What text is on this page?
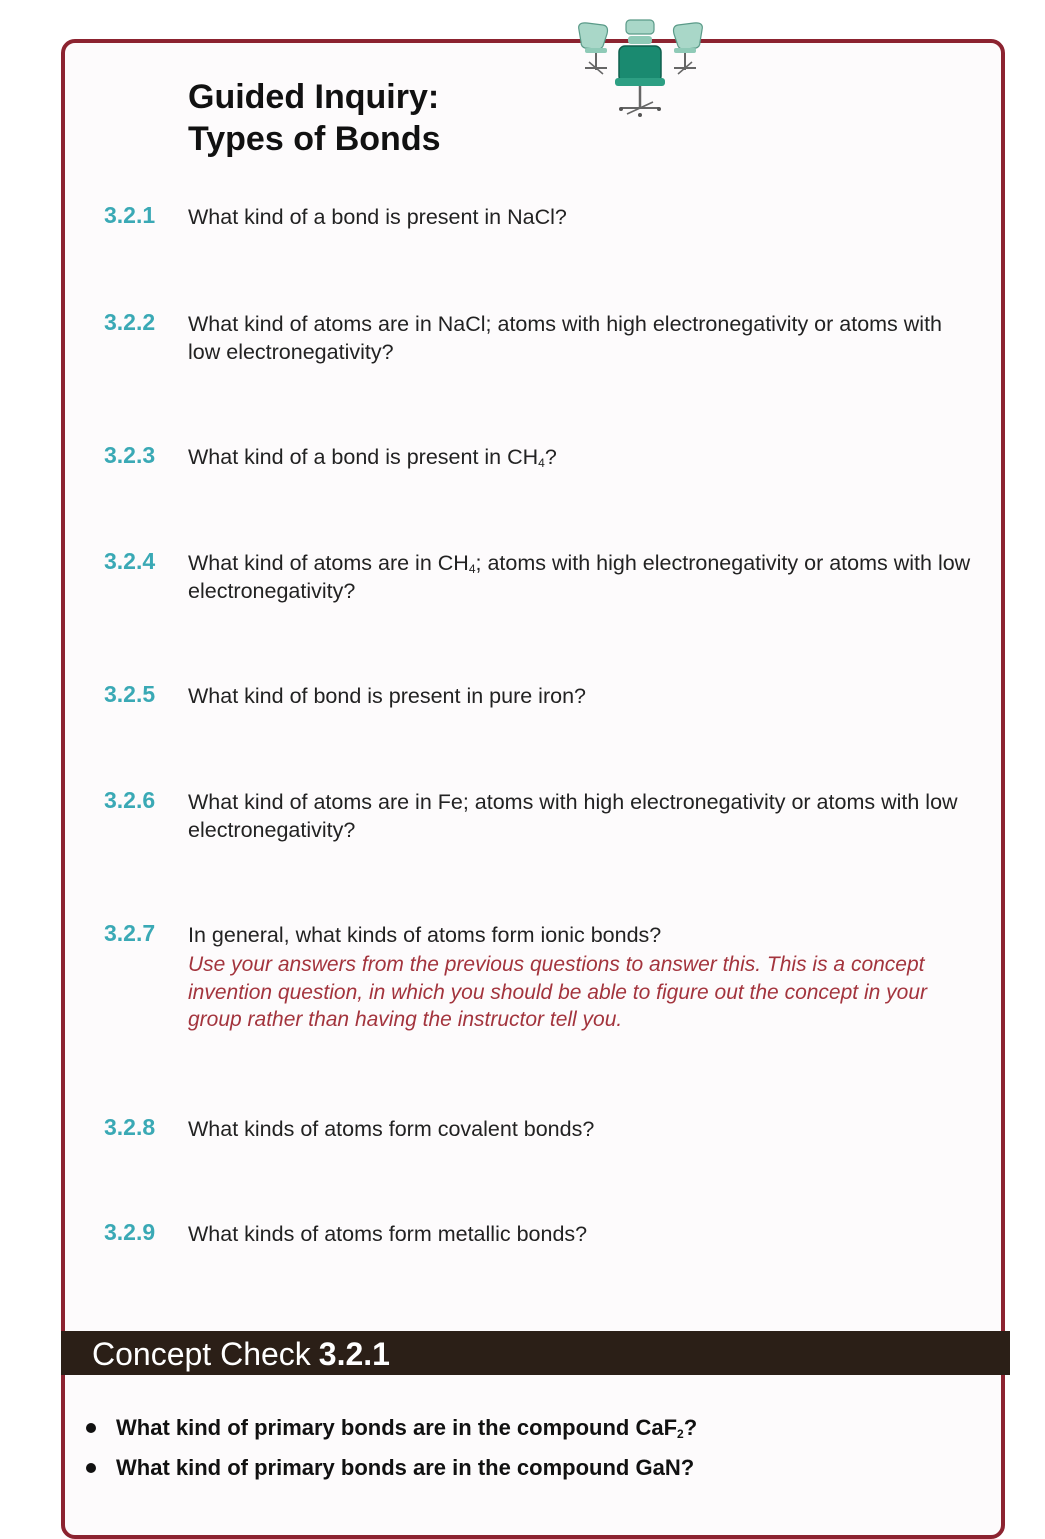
Guided Inquiry:
Types of Bonds
3.2.1 What kind of a bond is present in NaCl?
3.2.2 What kind of atoms are in NaCl; atoms with high electronegativity or atoms with low electronegativity?
3.2.3 What kind of a bond is present in $CH_4$?
3.2.4 What kind of atoms are in $CH_4$; atoms with high electronegativity or atoms with low electronegativity?
3.2.5 What kind of bond is present in pure iron?
3.2.6 What kind of atoms are in Fe; atoms with high electronegativity or atoms with low electronegativity?
3.2.7 In general, what kinds of atoms form ionic bonds?
Use your answers from the previous questions to answer this. This is a concept invention question, in which you should be able to figure out the concept in your group rather than having the instructor tell you.
3.2.8 What kinds of atoms form covalent bonds?
3.2.9 What kinds of atoms form metallic bonds?
Concept Check 3.2.1
What kind of primary bonds are in the compound CaF$_2$?
What kind of primary bonds are in the compound GaN?
